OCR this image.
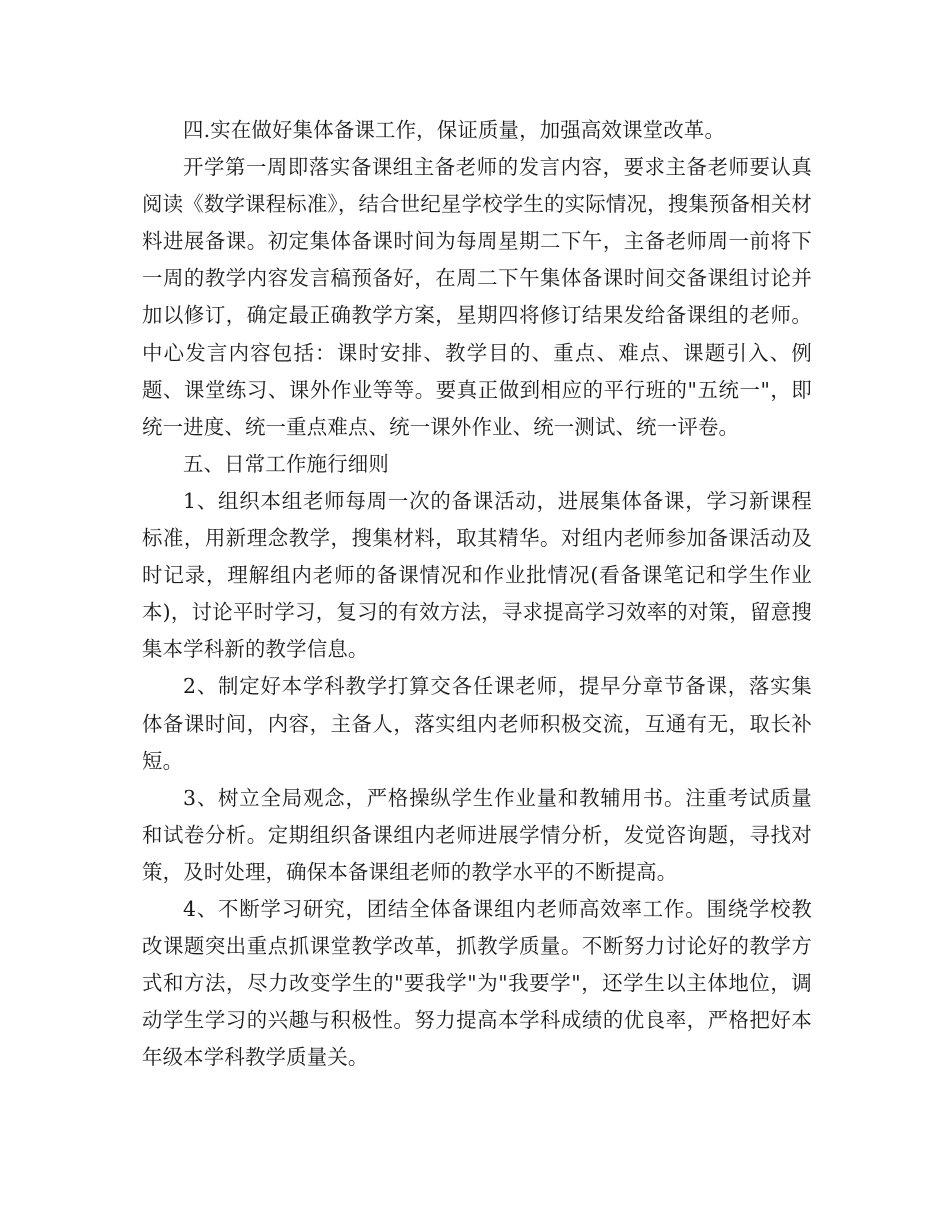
四.实在做好集体备课工作，保证质量，加强高效课堂改革。

开学第一周即落实备课组主备老师的发言内容，要求主备老师要认真阅读《数学课程标准》，结合世纪星学校学生的实际情况，搜集预备相关材料进展备课。初定集体备课时间为每周星期二下午，主备老师周一前将下一周的教学内容发言稿预备好，在周二下午集体备课时间交备课组讨论并加以修订，确定最正确教学方案，星期四将修订结果发给备课组的老师。中心发言内容包括：课时安排、教学目的、重点、难点、课题引入、例题、课堂练习、课外作业等等。要真正做到相应的平行班的"五统一"，即统一进度、统一重点难点、统一课外作业、统一测试、统一评卷。

五、日常工作施行细则

1、组织本组老师每周一次的备课活动，进展集体备课，学习新课程标准，用新理念教学，搜集材料，取其精华。对组内老师参加备课活动及时记录，理解组内老师的备课情况和作业批情况(看备课笔记和学生作业本)，讨论平时学习，复习的有效方法，寻求提高学习效率的对策，留意搜集本学科新的教学信息。

2、制定好本学科教学打算交各任课老师，提早分章节备课，落实集体备课时间，内容，主备人，落实组内老师积极交流，互通有无，取长补短。

3、树立全局观念，严格操纵学生作业量和教辅用书。注重考试质量和试卷分析。定期组织备课组内老师进展学情分析，发觉咨询题，寻找对策，及时处理，确保本备课组老师的教学水平的不断提高。

4、不断学习研究，团结全体备课组内老师高效率工作。围绕学校教改课题突出重点抓课堂教学改革，抓教学质量。不断努力讨论好的教学方式和方法，尽力改变学生的"要我学"为"我要学"，还学生以主体地位，调动学生学习的兴趣与积极性。努力提高本学科成绩的优良率，严格把好本年级本学科教学质量关。
